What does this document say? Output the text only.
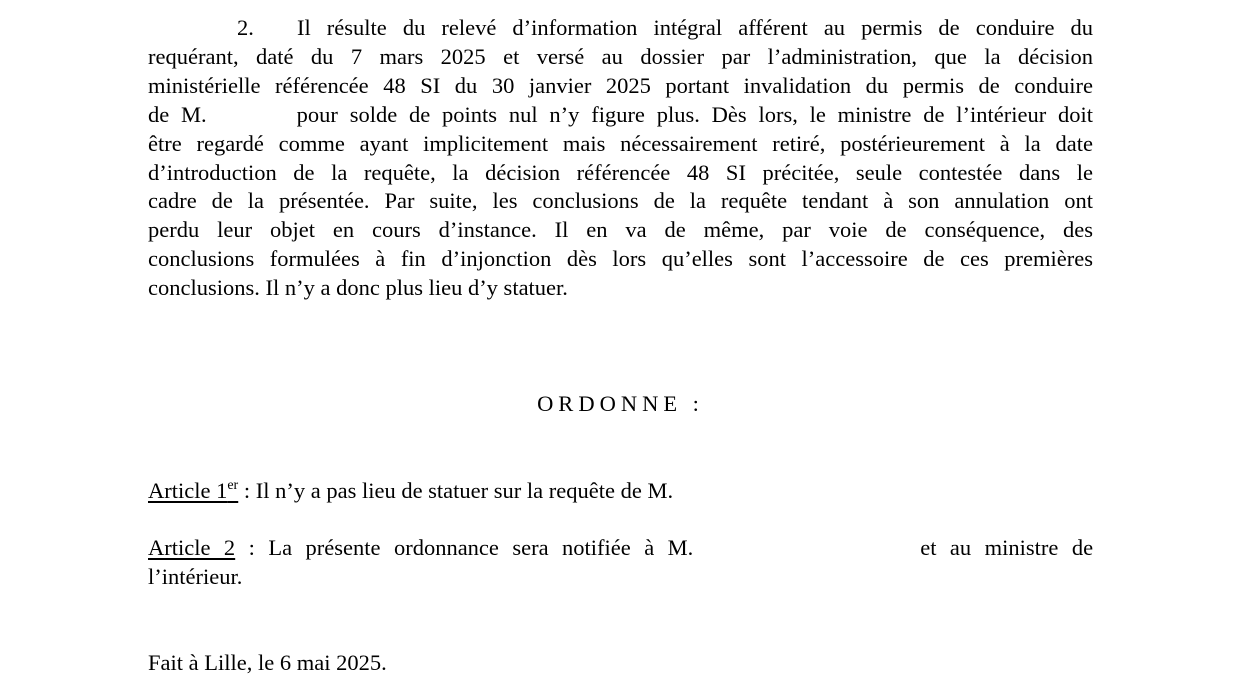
2. Il résulte du relevé d’information intégral afférent au permis de conduire du
requérant, daté du 7 mars 2025 et versé au dossier par l’administration, que la décision
ministérielle référencée 48 SI du 30 janvier 2025 portant invalidation du permis de conduire
de M.	pour solde de points nul n’y figure plus. Dès lors, le ministre de l’intérieur doit
être regardé comme ayant implicitement mais nécessairement retiré, postérieurement à la date
d’introduction de la requête, la décision référencée 48 SI précitée, seule contestée dans le
cadre de la présentée. Par suite, les conclusions de la requête tendant à son annulation ont
perdu leur objet en cours d’instance. Il en va de même, par voie de conséquence, des
conclusions formulées à fin d’injonction dès lors qu’elles sont l’accessoire de ces premières
conclusions. Il n’y a donc plus lieu d’y statuer.

ORDONNE :
Article 1er : Il n’y a pas lieu de statuer sur la requête de M.
Article 2 : La présente ordonnance sera notifiée à M.	et au ministre de
l’intérieur.
Fait à Lille, le 6 mai 2025.
